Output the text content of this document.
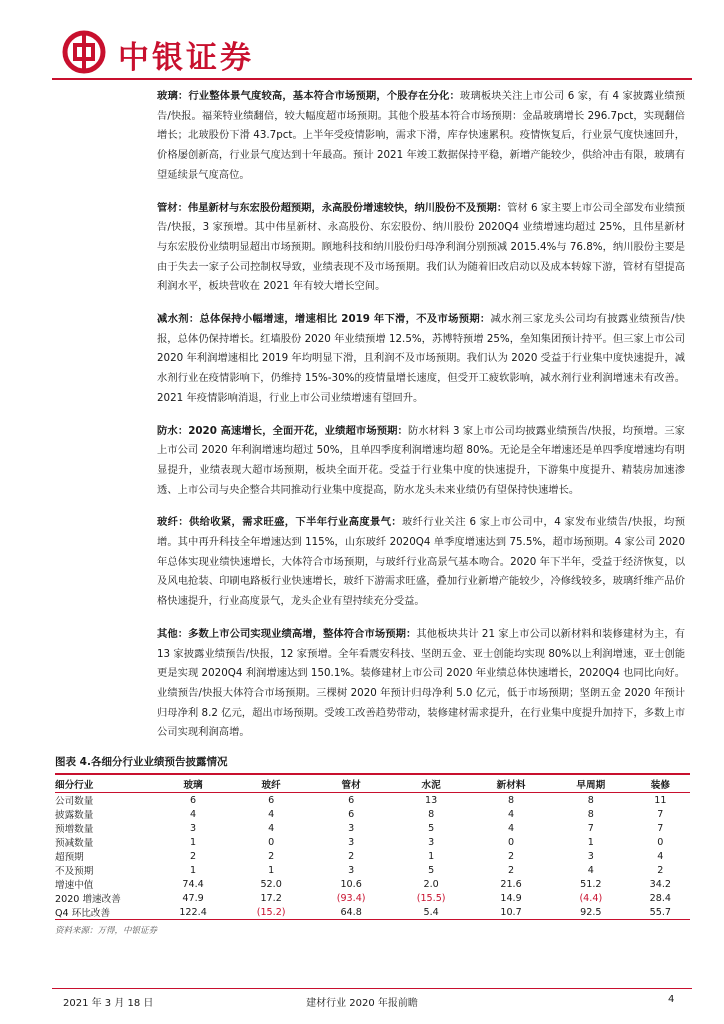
中银证券

玻璃：行业整体景气度较高，基本符合市场预期，个股存在分化：玻璃板块关注上市公司 6 家，有 4 家披露业绩预告/快报。福莱特业绩翻倍，较大幅度超市场预期。其他个股基本符合市场预期：金晶玻璃增长 296.7pct，实现翻倍增长；北玻股份下滑 43.7pct。上半年受疫情影响，需求下滑，库存快速累积。疫情恢复后，行业景气度快速回升，价格屡创新高，行业景气度达到十年最高。预计 2021 年竣工数据保持平稳，新增产能较少，供给冲击有限，玻璃有望延续景气度高位。

管材：伟星新材与东宏股份超预期，永高股份增速较快，纳川股份不及预期：管材 6 家主要上市公司全部发布业绩预告/快报，3 家预增。其中伟星新材、永高股份、东宏股份、纳川股份 2020Q4 业绩增速均超过 25%，且伟星新材与东宏股份业绩明显超出市场预期。顾地科技和纳川股份归母净利润分别预减 2015.4%与 76.8%，纳川股份主要是由于失去一家子公司控制权导致，业绩表现不及市场预期。我们认为随着旧改启动以及成本转嫁下游，管材有望提高利润水平，板块营收在 2021 年有较大增长空间。

减水剂：总体保持小幅增速，增速相比 2019 年下滑，不及市场预期：减水剂三家龙头公司均有披露业绩预告/快报，总体仍保持增长。红墙股份 2020 年业绩预增 12.5%，苏博特预增 25%，垒知集团预计持平。但三家上市公司 2020 年利润增速相比 2019 年均明显下滑，且利润不及市场预期。我们认为 2020 受益于行业集中度快速提升，减水剂行业在疫情影响下，仍维持 15%-30%的疫情量增长速度，但受开工疲软影响，减水剂行业利润增速未有改善。2021 年疫情影响消退，行业上市公司业绩增速有望回升。

防水：2020 高速增长，全面开花，业绩超市场预期：防水材料 3 家上市公司均披露业绩预告/快报，均预增。三家上市公司 2020 年利润增速均超过 50%，且单四季度利润增速均超 80%。无论是全年增速还是单四季度增速均有明显提升，业绩表现大超市场预期，板块全面开花。受益于行业集中度的快速提升，下游集中度提升、精装房加速渗透、上市公司与央企整合共同推动行业集中度提高，防水龙头未来业绩仍有望保持快速增长。

玻纤：供给收紧，需求旺盛，下半年行业高度景气：玻纤行业关注 6 家上市公司中，4 家发布业绩告/快报，均预增。其中再升科技全年增速达到 115%，山东玻纤 2020Q4 单季度增速达到 75.5%，超市场预期。4 家公司 2020 年总体实现业绩快速增长，大体符合市场预期，与玻纤行业高景气基本吻合。2020 年下半年，受益于经济恢复，以及风电抢装、印刷电路板行业快速增长，玻纤下游需求旺盛，叠加行业新增产能较少，冷修线较多，玻璃纤维产品价格快速提升，行业高度景气，龙头企业有望持续充分受益。

其他：多数上市公司实现业绩高增，整体符合市场预期：其他板块共计 21 家上市公司以新材料和装修建材为主，有 13 家披露业绩预告/快报，12 家预增。全年看震安科技、坚朗五金、亚士创能均实现 80%以上利润增速，亚士创能更是实现 2020Q4 利润增速达到 150.1%。装修建材上市公司 2020 年业绩总体快速增长，2020Q4 也同比向好。业绩预告/快报大体符合市场预期。三棵树 2020 年预计归母净利 5.0 亿元，低于市场预期；坚朗五金 2020 年预计归母净利 8.2 亿元，超出市场预期。受竣工改善趋势带动，装修建材需求提升，在行业集中度提升加持下，多数上市公司实现利润高增。

图表 4.各细分行业业绩预告披露情况
细分行业	玻璃	玻纤	管材	水泥	新材料	早周期	装修
公司数量	6	6	6	13	8	8	11
披露数量	4	4	6	8	4	8	7
预增数量	3	4	3	5	4	7	7
预减数量	1	0	3	3	0	1	0
超预期	2	2	2	1	2	3	4
不及预期	1	1	3	5	2	4	2
增速中值	74.4	52.0	10.6	2.0	21.6	51.2	34.2
2020 增速改善	47.9	17.2	(93.4)	(15.5)	14.9	(4.4)	28.4
Q4 环比改善	122.4	(15.2)	64.8	5.4	10.7	92.5	55.7
资料来源：万得，中银证券
2021 年 3 月 18 日	建材行业 2020 年报前瞻	4
